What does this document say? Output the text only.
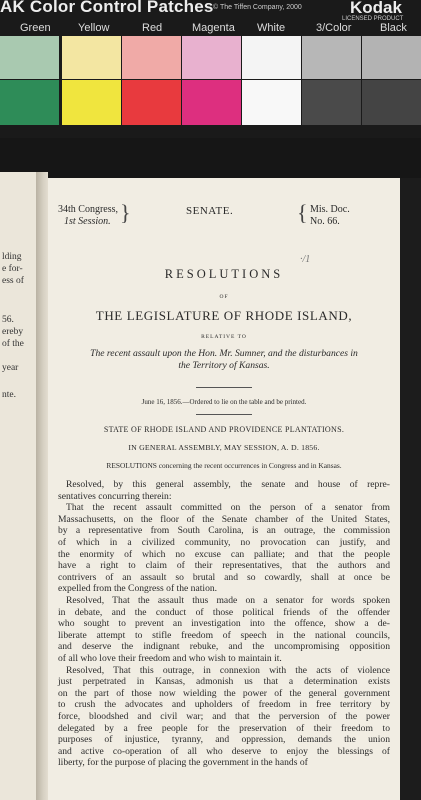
AK Color Control Patches © The Tiffen Company, 2000	Kodak
LICENSED PRODUCT
Green Yellow	Red	Magenta White	3/Color	Black
lding
e for-
ess of
56.
ereby
of the
year
nte.
34th Congress,
1st Session. }	SENATE.	{ Mis. Doc.
No. 66.
·/1
RESOLUTIONS
OF
THE LEGISLATURE OF RHODE ISLAND,
RELATIVE TO
The recent assault upon the Hon. Mr. Sumner, and the disturbances in
the Territory of Kansas.
June 16, 1856.—Ordered to lie on the table and be printed.
STATE OF RHODE ISLAND AND PROVIDENCE PLANTATIONS.
IN GENERAL ASSEMBLY, MAY SESSION, A. D. 1856.
RESOLUTIONS concerning the recent occurrences in Congress and in Kansas.
Resolved, by this general assembly, the senate and house of repre-
sentatives concurring therein:
That the recent assault committed on the person of a senator from
Massachusetts, on the floor of the Senate chamber of the United States,
by a representative from South Carolina, is an outrage, the commission
of which in a civilized community, no provocation can justify, and
the enormity of which no excuse can palliate; and that the people
have a right to claim of their representatives, that the authors and
contrivers of an assault so brutal and so cowardly, shall at once be
expelled from the Congress of the nation.
Resolved, That the assault thus made on a senator for words spoken
in debate, and the conduct of those political friends of the offender
who sought to prevent an investigation into the offence, show a de-
liberate attempt to stifle freedom of speech in the national councils,
and deserve the indignant rebuke, and the uncompromising opposition
of all who love their freedom and who wish to maintain it.
Resolved, That this outrage, in connexion with the acts of violence
just perpetrated in Kansas, admonish us that a determination exists
on the part of those now wielding the power of the general government
to crush the advocates and upholders of freedom in free territory by
force, bloodshed and civil war; and that the perversion of the power
delegated by a free people for the preservation of their freedom to
purposes of injustice, tyranny, and oppression, demands the union
and active co-operation of all who deserve to enjoy the blessings of
liberty, for the purpose of placing the government in the hands of
